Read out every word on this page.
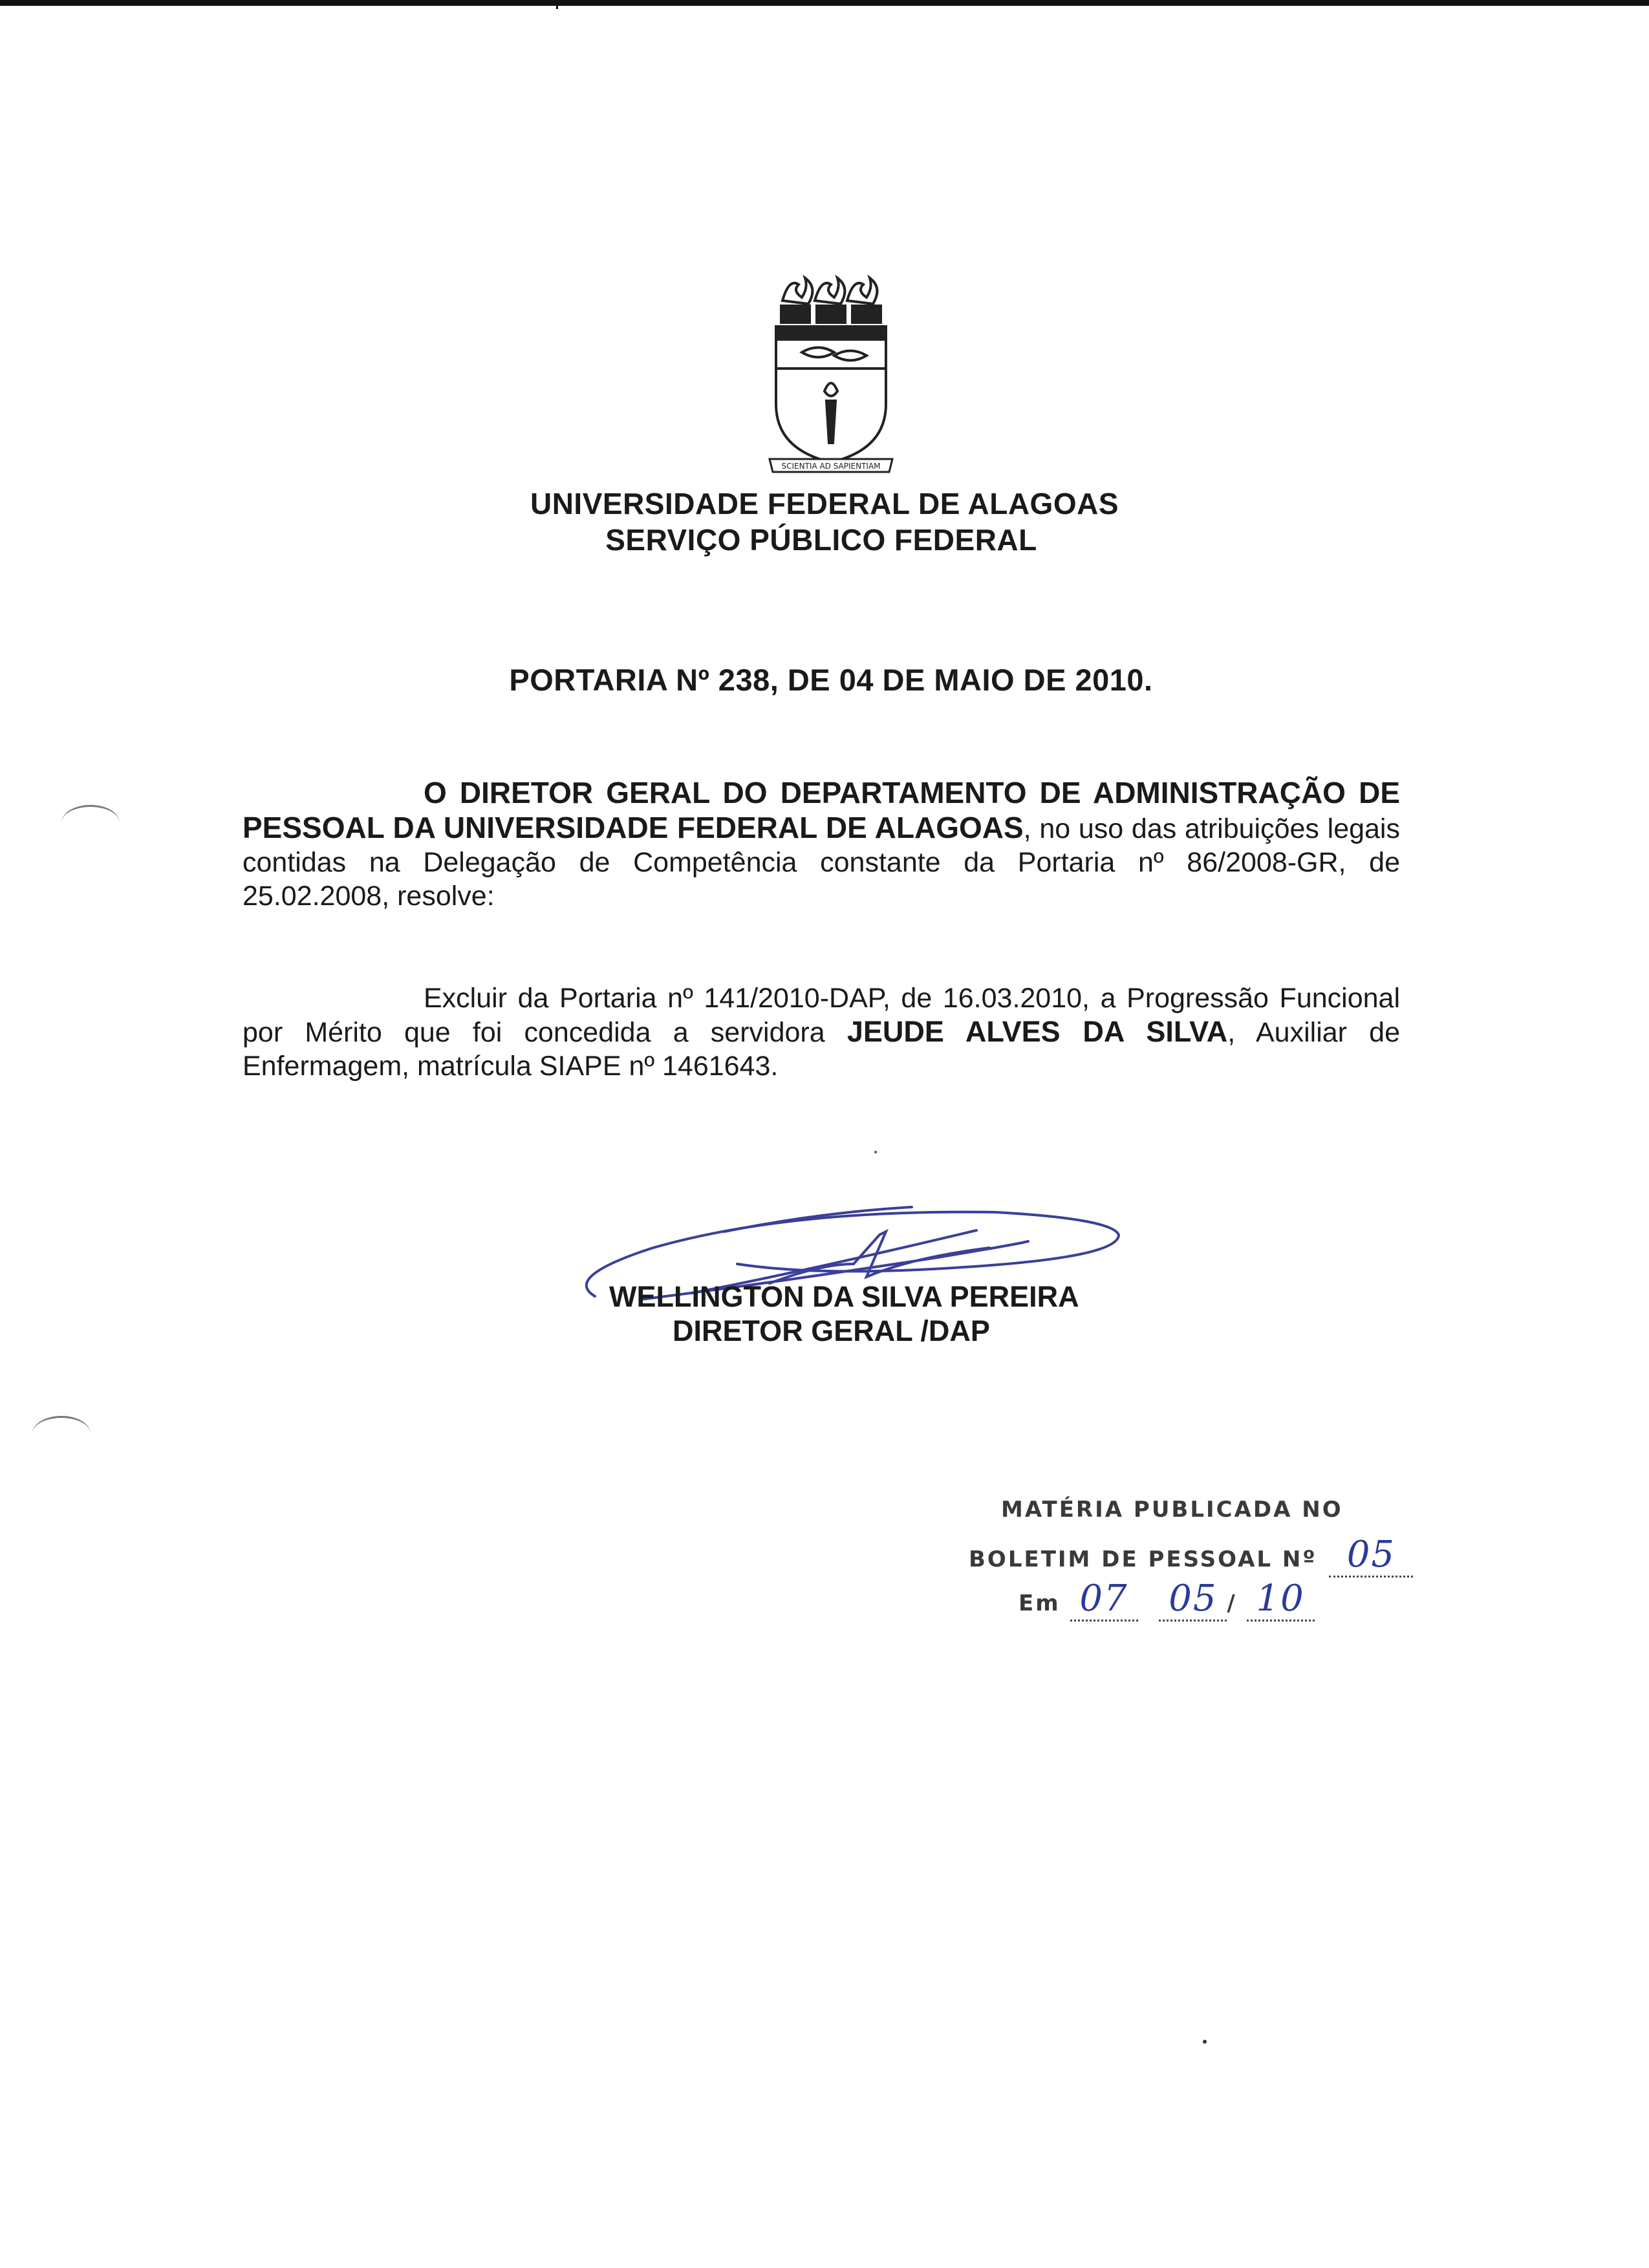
SCIENTIA AD SAPIENTIAM
UNIVERSIDADE FEDERAL DE ALAGOAS
SERVIÇO PÚBLICO FEDERAL
PORTARIA Nº 238, DE 04 DE MAIO DE 2010.
O DIRETOR GERAL DO DEPARTAMENTO DE ADMINISTRAÇÃO DE PESSOAL DA UNIVERSIDADE FEDERAL DE ALAGOAS, no uso das atribuições legais contidas na Delegação de Competência constante da Portaria nº 86/2008-GR, de 25.02.2008, resolve:
Excluir da Portaria nº 141/2010-DAP, de 16.03.2010, a Progressão Funcional por Mérito que foi concedida a servidora JEUDE ALVES DA SILVA, Auxiliar de Enfermagem, matrícula SIAPE nº 1461643.
WELLINGTON DA SILVA PEREIRA
DIRETOR GERAL /DAP
MATÉRIA PUBLICADA NO
BOLETIM DE PESSOAL Nº 05
Em 07 05 / 10
